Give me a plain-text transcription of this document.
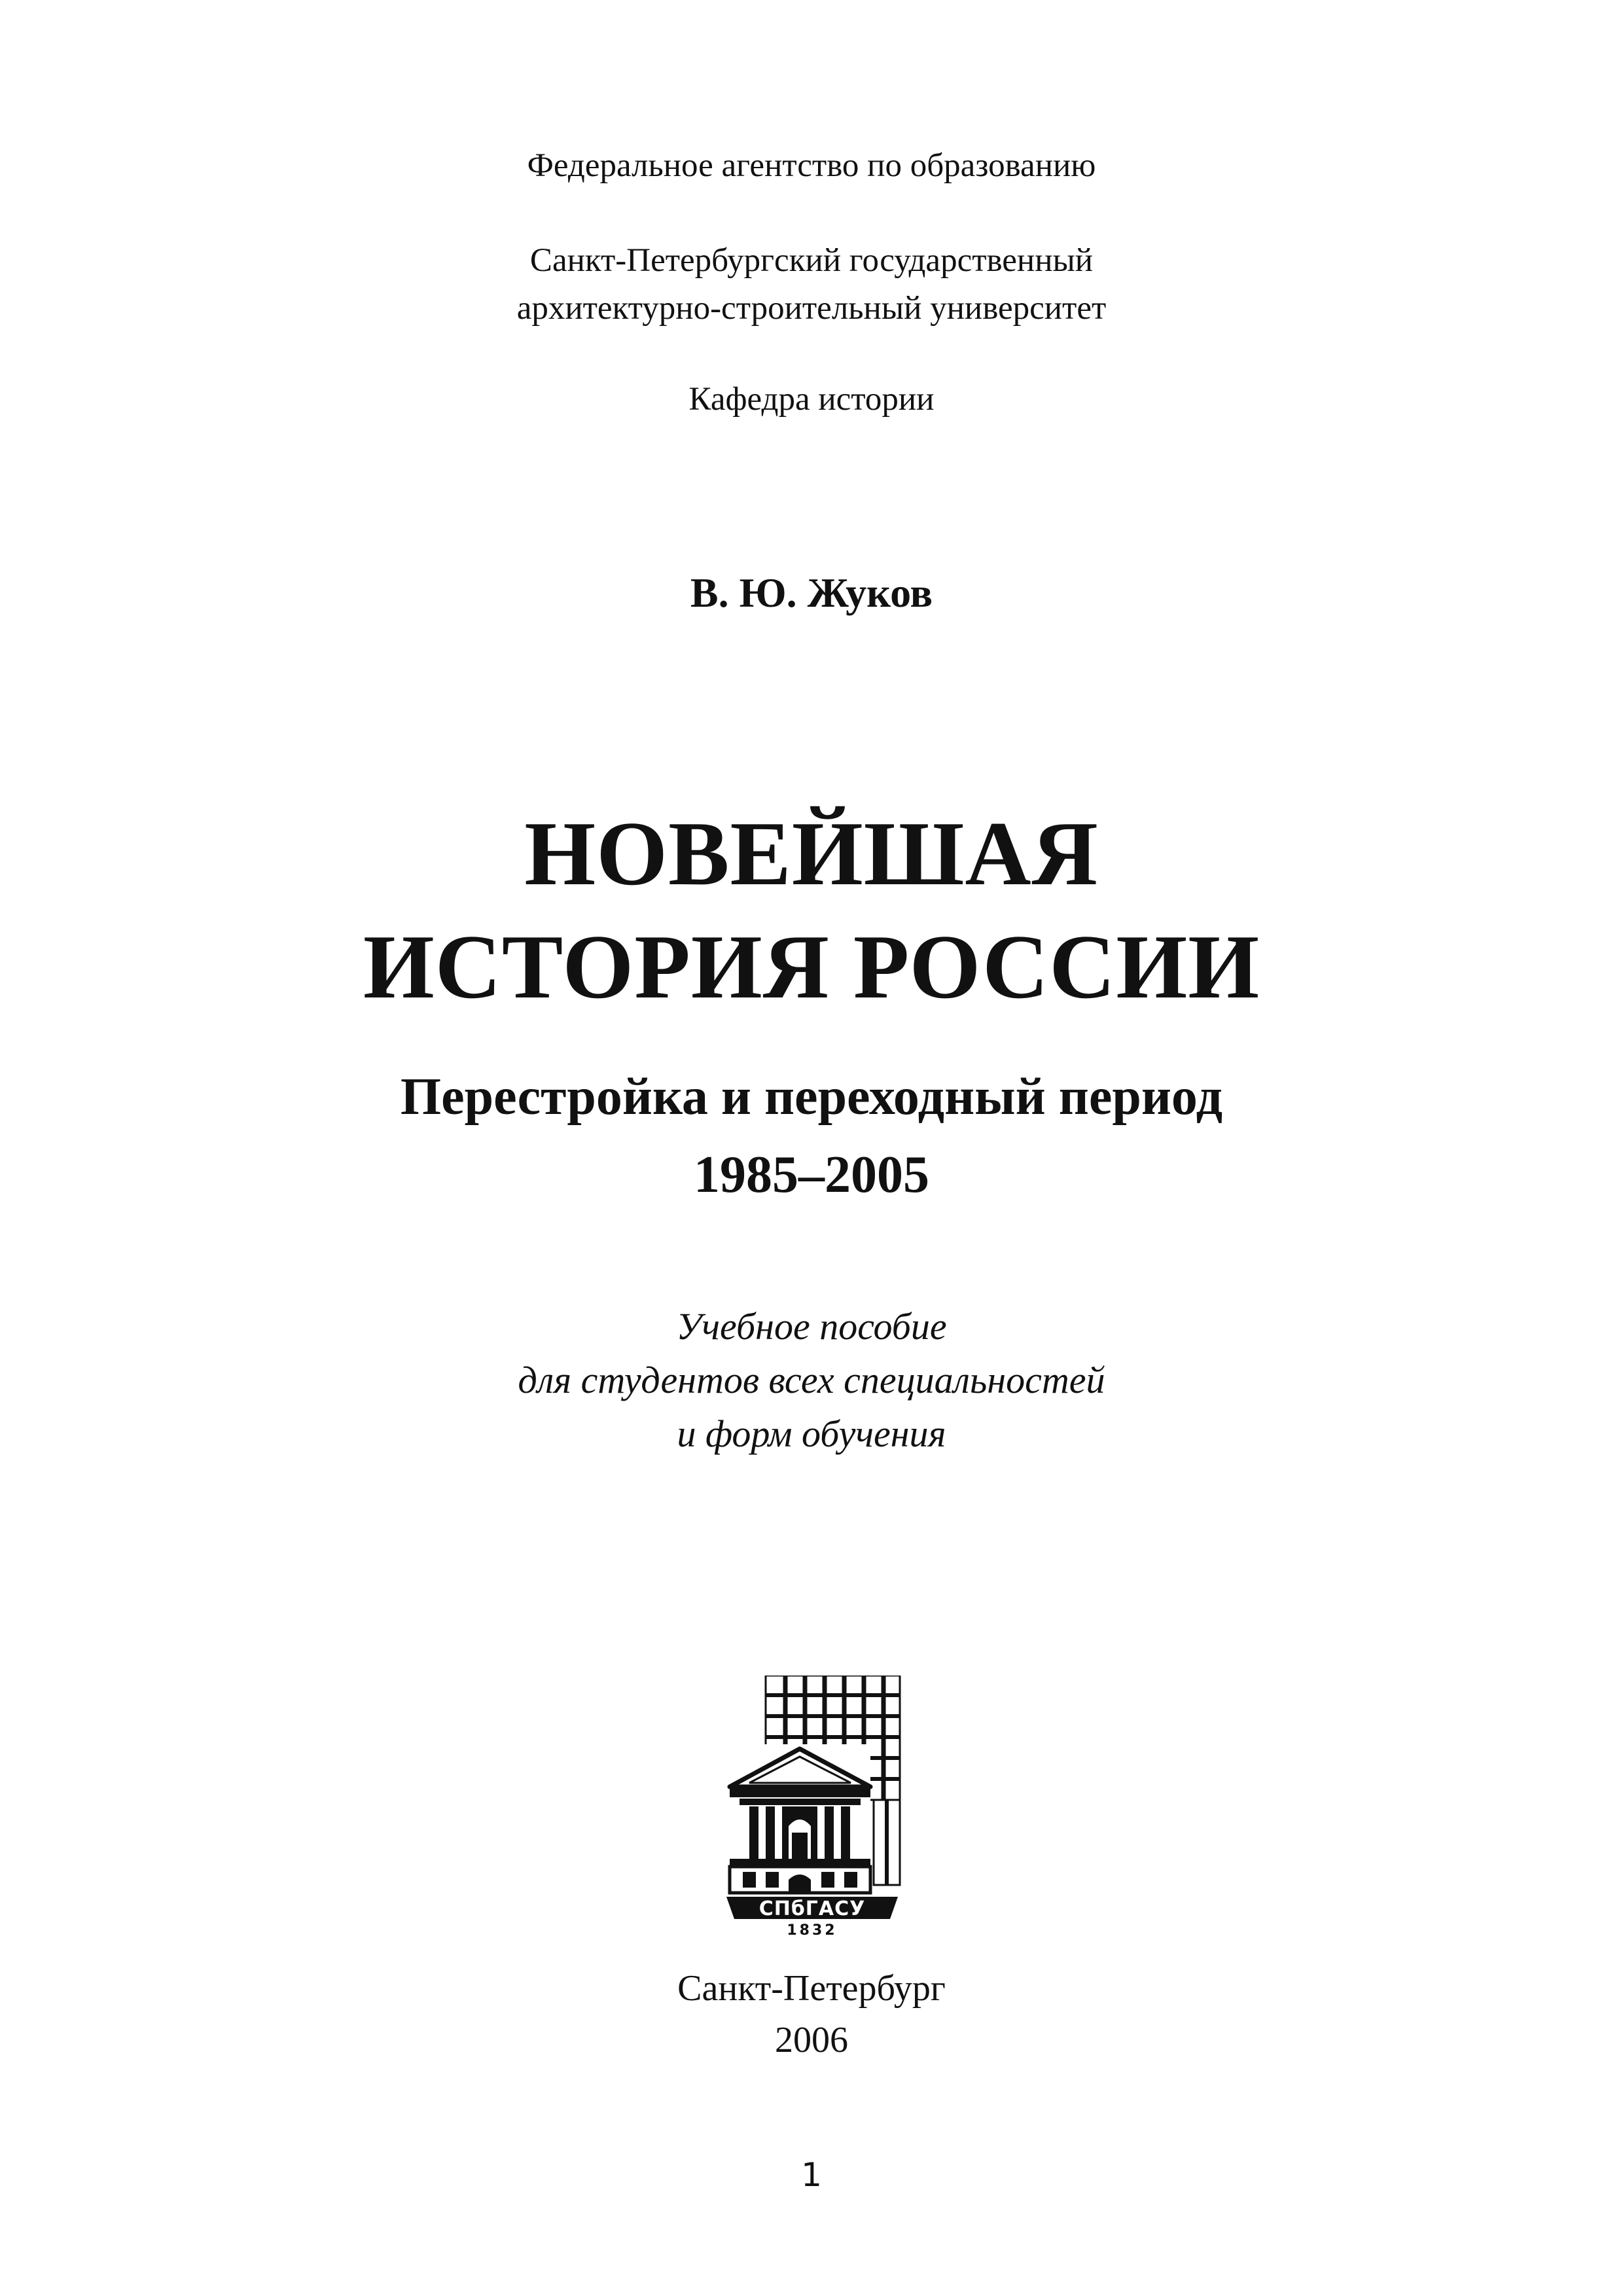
Федеральное агентство по образованию
Санкт-Петербургский государственный
архитектурно-строительный университет
Кафедра истории
В. Ю. Жуков
НОВЕЙШАЯ
ИСТОРИЯ РОССИИ
Перестройка и переходный период
1985–2005
Учебное пособие
для студентов всех специальностей
и форм обучения
СПбГАСУ
1832
Санкт-Петербург
2006
1
